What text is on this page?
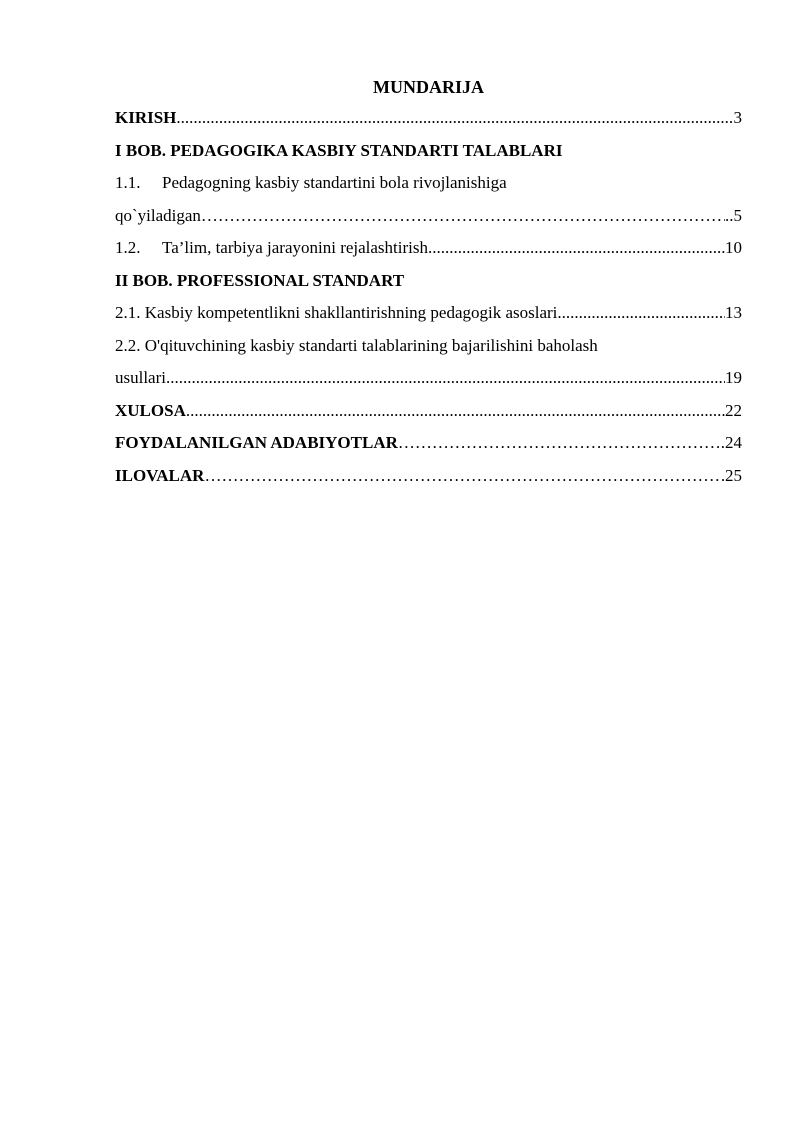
MUNDARIJA
KIRISH .....	3
I BOB. PEDAGOGIKA KASBIY STANDARTI TALABLARI
1.1. Pedagogning kasbiy standartini bola rivojlanishiga
qo`yiladigan …………………………………………………………………………………………………………………………………………………………………………………………………………………………	..5
1.2. Ta’lim, tarbiya jarayonini rejalashtirish .....	10
II BOB. PROFESSIONAL STANDART
2.1. Kasbiy kompetentlikni shakllantirishning pedagogik asoslari .....	13
2.2. O'qituvchining kasbiy standarti talablarining bajarilishini baholash
usullari .....	19
XULOSA .....	22
FOYDALANILGAN ADABIYOTLAR …………………………………………………………………………………………………………………………………………………………………………………………………………………………	.24
ILOVALAR …………………………………………………………………………………………………………………………………………………………………………………………………………………………	25
